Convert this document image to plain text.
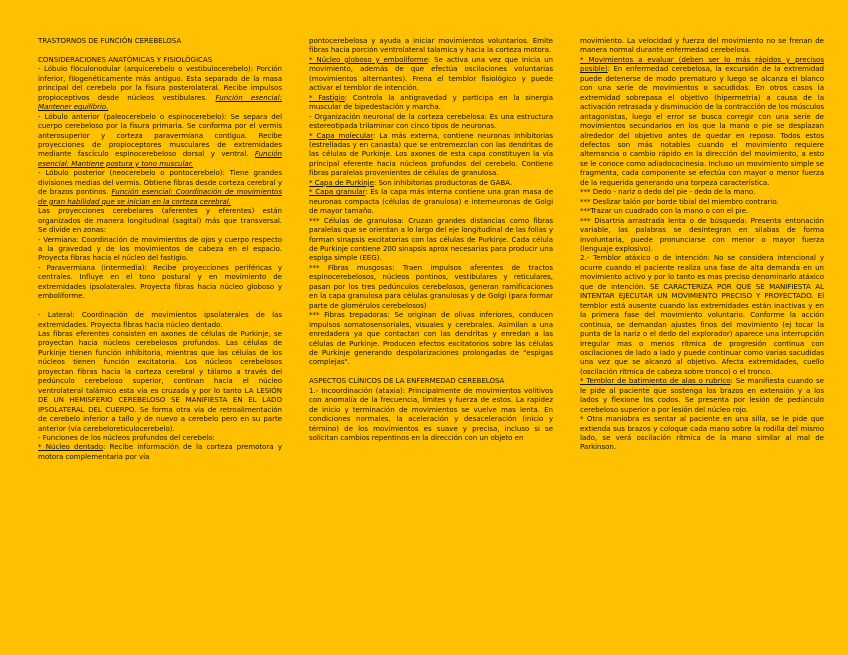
TRASTORNOS DE FUNCIÓN CEREBELOSA

CONSIDERACIONES ANATÓMICAS Y FISIOLÓGICAS

- Lóbulo flóculonodular (arquicerebelo o vestibulocerebelo): Porción inferior, filogenéticamente más antiguo. Esta separado de la masa principal del cerebelo por la fisura posterolateral. Recibe impulsos propioceptivos desde núcleos vestibulares. Función esencial: Mantener equilibrio.

- Lóbulo anterior (paleocerebelo o espinocerebelo): Se separa del cuerpo cerebeloso por la fisura primaria. Se conforma por el vermis anterosuperior y corteza paravermiana contigua. Recibe proyecciones de propioceptores musculares de extremidades mediante fascículo espinocerebeloso dorsal y ventral. Función esencial: Mantiene postura y tono muscular.

- Lóbulo posterior (neocerebelo o pontocerebelo): Tiene grandes divisiones medias del vermis. Obtiene fibras desde corteza cerebral y de brazos pontinos. Función esencial: Coordinación de movimientos de gran habilidad que se inician en la corteza cerebral.

Las proyecciones cerebelares (aferentes y eferentes) están organizados de manera longitudinal (sagital) más que transversal. Se divide en zonas:

- Vermiana: Coordinación de movimientos de ojos y cuerpo respecto a la gravedad y de los movimientos de cabeza en el espacio. Proyecta fibras hacia el núcleo del fastigio.

- Paravermiana (intermedia): Recibe proyecciones periféricas y centrales. Influye en el tono postural y en movimiento de extremidades ipsolaterales. Proyecta fibras hacia núcleo globoso y emboliforme.

- Lateral: Coordinación de movimientos ipsolaterales de las extremidades. Proyecta fibras hacia núcleo dentado.

Las fibras eferentes consisten en axones de células de Purkinje, se proyectan hacia núcleos cerebelosos profundos. Las células de Purkinje tienen función inhibitoria, mientras que las células de los núcleos tienen función excitatoria. Los núcleos cerebelosos proyectan fibras hacia la corteza cerebral y tálamo a través del pedúnculo cerebeloso superior, continan hacia el núcleo ventrolateral talámico esta vía es cruzada y por lo tanto LA LESIÓN DE UN HEMISFERIO CEREBELOSO SE MANIFIESTA EN EL LADO IPSOLATERAL DEL CUERPO. Se forma otra vía de retroalimentación de cerebelo inferior a tallo y de nuevo a cerebelo pero en su parte anterior (vía cerebeloreticulocerebelo).

- Funciones de los núcleos profundos del cerebelo:

* Núcleo dentado: Recibe información de la corteza premotora y motora complementaria por vía

pontocerebelosa y ayuda a iniciar movimientos voluntarios. Emite fibras hacia porción ventrolateral talamica y hacia la corteza motora.

* Núcleo globoso y emboliforme: Se activa una vez que inicia un movimiento, además de que efectúa oscilaciones voluntarias (movimientos alternantes). Frena el temblor fisiológico y puede activar el temblor de intención.

* Fastigio: Controla la antigravedad y participa en la sinergia muscular de bipedestación y marcha.

- Organización neuronal de la corteza cerebelosa: Es una estructura estereotipada trilaminar con cinco tipos de neuronas.

* Capa molecular: La más externa, contiene neuronas inhibitorias (estrelladas y en canasta) que se entremezclan con las dendritas de las células de Purkinje. Los axones de esta capa constituyen la vía principal eferente hacia núcleos profundos del cerebelo. Contiene fibras paralelas provenientes de células de granulosa.

* Capa de Purkinje: Son inhibitorias productoras de GABA.

* Capa granular: Es la capa más interna contiene una gran masa de neuronas compacta (células de granulosa) e interneuronas de Golgi de mayor tamaño.

*** Células de granulosa: Cruzan grandes distancias como fibras paralelas que se orientan a lo largo del eje longitudinal de las folias y forman sinapsis excitatorias con las células de Purkinje. Cada célula de Purkinje contiene 200 sinapsis aprox necesarias para producir una espiga simple (EEG).

*** Fibras musgosas: Traen impulsos aferentes de tractos espinocerebelosos, núcleos pontinos, vestibulares y reticulares, pasan por los tres pedúnculos cerebelosos, generan ramificaciones en la capa granulosa para células granulosas y de Golgi (para formar parte de glomérulos cerebelosos)

*** Fibras trepadoras: Se originan de olivas inferiores, conducen impulsos somatosensoriales, visuales y cerebrales. Asimilan a una enredadera ya que contactan con las dendritas y enredan a las células de Purkinje. Producen efectos excitatorios sobre las células de Purkinje generando despolarizaciones prolongadas de "espigas complejas".

ASPECTOS CLÍNICOS DE LA ENFERMEDAD CEREBELOSA

1.- Incoordinación (ataxia): Principalmente de movimientos volitivos con anomalía de la frecuencia, límites y fuerza de estos. La rapidez de inicio y terminación de movimientos se vuelve mas lenta. En condiciones normales, la aceleración y desaceleración (inicio y término) de los movimientos es suave y precisa, incluso si se solicitan cambios repentinos en la dirección con un objeto en

movimiento. La velocidad y fuerza del movimiento no se frenan de manera normal durante enfermedad cerebelosa.

* Movimientos a evaluar (deben ser lo más rápidos y precisos posible): En enfermedad cerebelosa, la excursión de la extremidad puede detenerse de modo prematuro y luego se alcanza el blanco con una serie de movimientos o sacudidas. En otros casos la extremidad sobrepasa el objetivo (hipermetría) a causa de la activación retrasada y disminución de la contracción de los músculos antagonistas, luego el error se busca corregir con una serie de movimientos secundarios en los que la mano o pie se desplazan alrededor del objetivo antes de quedar en reposo. Todos estos defectos son más notables cuando el movimiento requiere alternancia o cambio rápido en la dirección del movimiento, a esto se le conoce como adiadococinesia. Incluso un movimiento simple se fragmenta, cada componente se efectúa con mayor o menor fuerza de la requerida generando una torpeza característica.

*** Dedo - nariz o dedo del pie - dedo de la mano.

*** Deslizar talón por borde tibial del miembro contrario.

***Trazar un cuadrado con la mano o con el pie.

*** Disartria arrastrada lenta o de búsqueda: Presenta entonación variable, las palabras se desintegran en silabas de forma involuntaria, puede pronunciarse con menor o mayor fuerza (lenguaje explosivo).

2.- Temblor atáxico o de intención: No se considera intencional y ocurre cuando el paciente realiza una fase de alta demanda en un movimiento activo y por lo tanto es mas preciso denominarlo atáxico que de intención. SE CARACTERIZA POR QUE SE MANIFIESTA AL INTENTAR EJECUTAR UN MOVIMIENTO PRECISO Y PROYECTADO. El temblor está ausente cuando las extremidades están inactivas y en la primera fase del movimiento voluntario. Conforme la acción continua, se demandan ajustes finos del movimiento (ej tocar la punta de la nariz o el dedo del explorador) aparece una interrupción irregular mas o menos rítmica de progresión continua con oscilaciones de lado a lado y puede continuar como varias sacudidas una vez que se alcanzó al objetivo. Afecta extremidades, cuello (oscilación rítmica de cabeza sobre tronco) o el tronco.

* Temblor de batimiento de alas o rubrico: Se manifiesta cuando se le pide al paciente que sostenga los brazos en extensión y a los lados y flexione los codos. Se presenta por lesión de pedúnculo cerebeloso superior o por lesión del núcleo rojo.

* Otra maniobra es sentar al paciente en una silla, se le pide que extienda sus brazos y coloque cada mano sobre la rodilla del mismo lado, se verá oscilación rítmica de la mano similar al mal de Parkinson.
